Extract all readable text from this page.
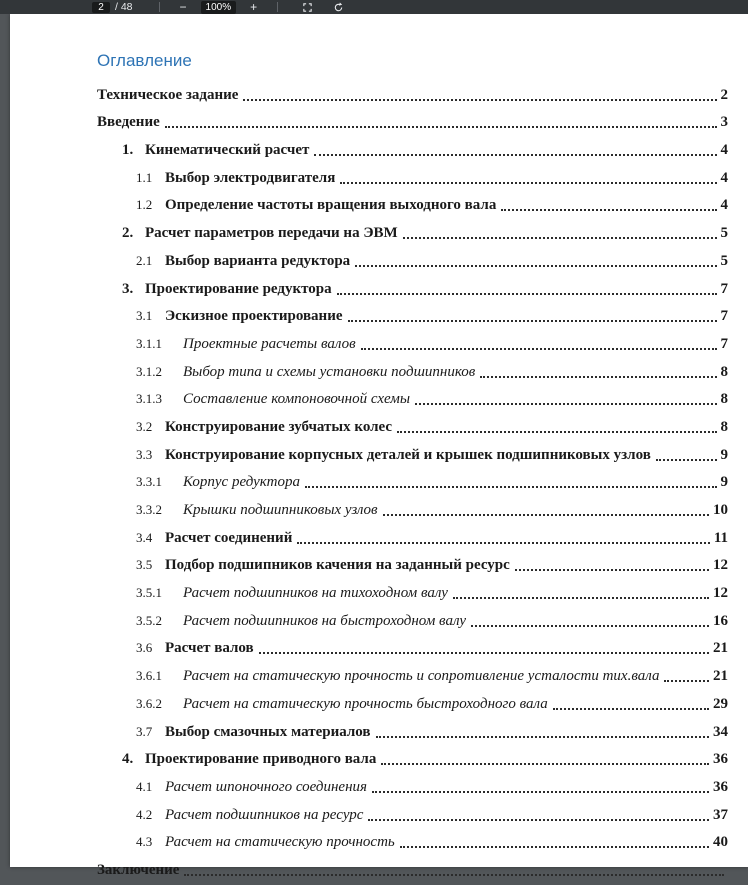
2
/ 48	−	100%	+
Оглавление
Техническое задание	2
Введение	3
1. Кинематический расчет	4
1.1 Выбор электродвигателя	4
1.2 Определение частоты вращения выходного вала	4
2. Расчет параметров передачи на ЭВМ	5
2.1 Выбор варианта редуктора	5
3. Проектирование редуктора	7
3.1 Эскизное проектирование	7
3.1.1	Проектные расчеты валов	7
3.1.2	Выбор типа и схемы установки подшипников	8
3.1.3	Составление компоновочной схемы	8
3.2 Конструирование зубчатых колес	8
3.3 Конструирование корпусных деталей и крышек подшипниковых узлов	9
3.3.1	Корпус редуктора	9
3.3.2	Крышки подшипниковых узлов	10
3.4 Расчет соединений	11
3.5 Подбор подшипников качения на заданный ресурс	12
3.5.1	Расчет подшипников на тихоходном валу	12
3.5.2	Расчет подшипников на быстроходном валу	16
3.6 Расчет валов	21
3.6.1	Расчет на статическую прочность и сопротивление усталости тих.вала	21
3.6.2	Расчет на статическую прочность быстроходного вала	29
3.7 Выбор смазочных материалов	34
4. Проектирование приводного вала	36
4.1 Расчет шпоночного соединения	36
4.2 Расчет подшипников на ресурс	37
4.3 Расчет на статическую прочность	40
Заключение
